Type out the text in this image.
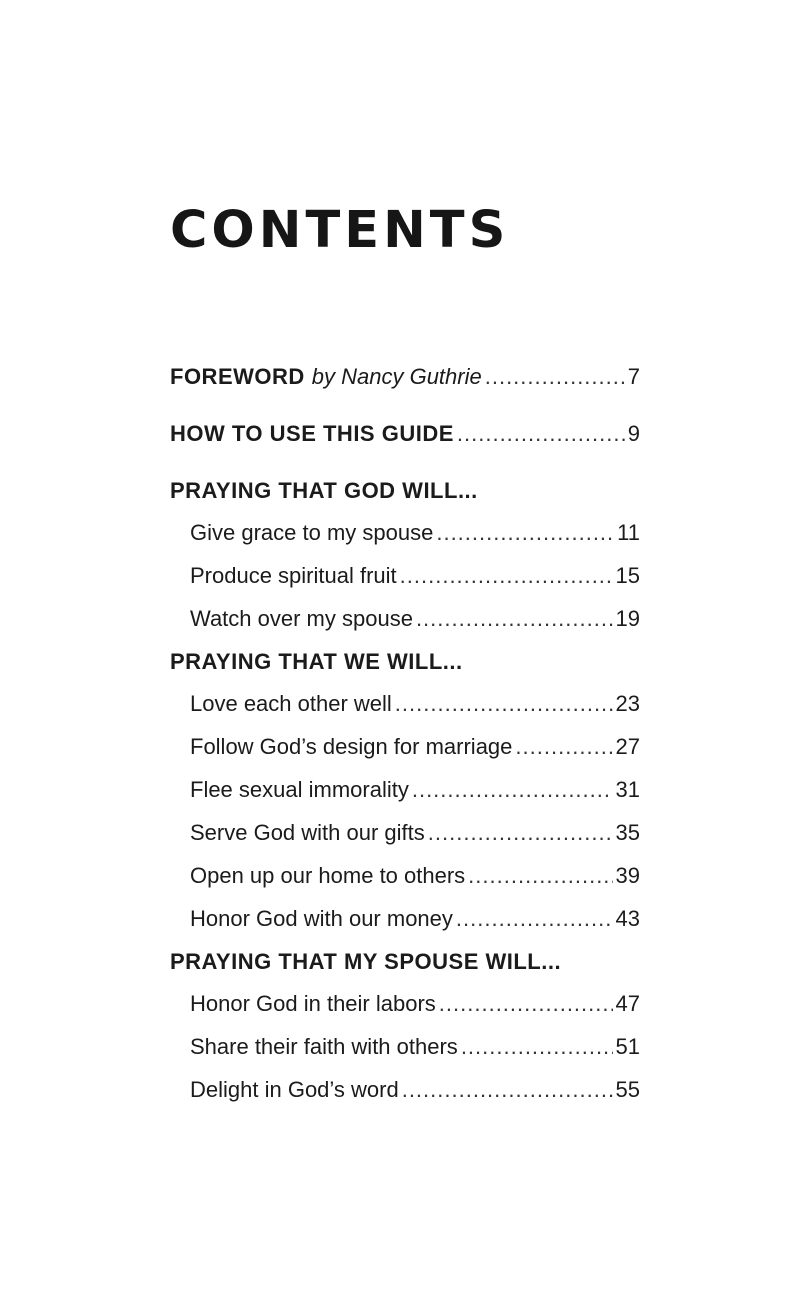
CONTENTS
FOREWORD by Nancy Guthrie .....	7
HOW TO USE THIS GUIDE .....	9
PRAYING THAT GOD WILL...
Give grace to my spouse .....	11
Produce spiritual fruit .....	15
Watch over my spouse .....	19
PRAYING THAT WE WILL...
Love each other well .....	23
Follow God’s design for marriage .....	27
Flee sexual immorality .....	31
Serve God with our gifts .....	35
Open up our home to others .....	39
Honor God with our money .....	43
PRAYING THAT MY SPOUSE WILL...
Honor God in their labors .....	47
Share their faith with others .....	51
Delight in God’s word .....	55
